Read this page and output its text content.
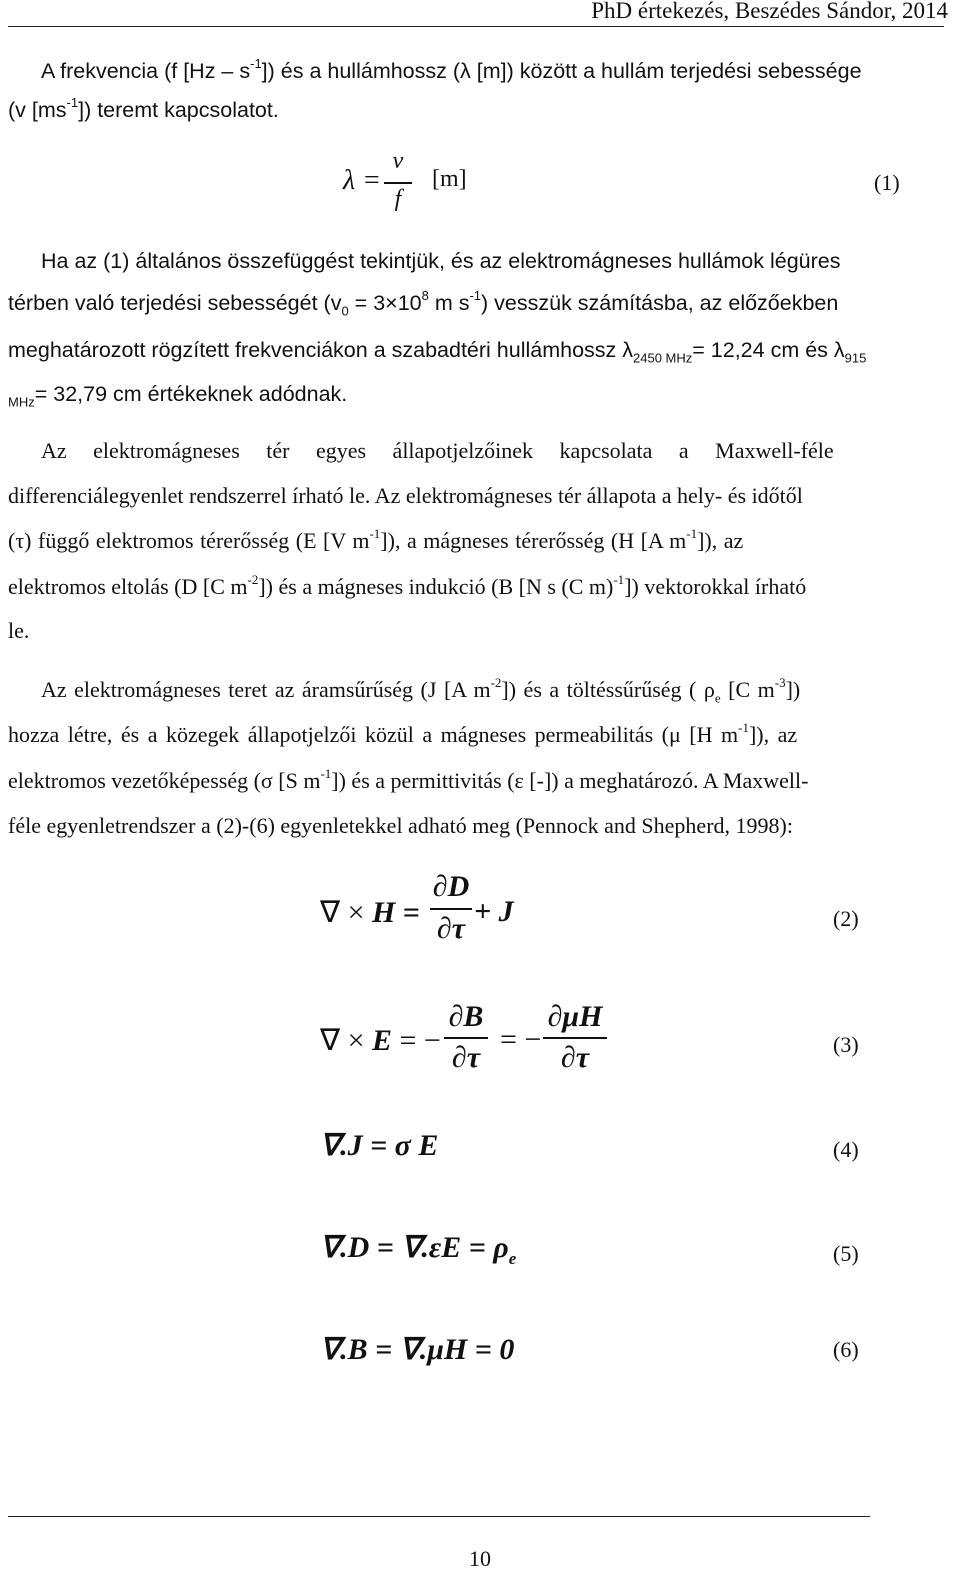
PhD értekezés, Beszédes Sándor, 2014
A frekvencia (f $[Hz - s^{-1}]$) és a hullámhossz (λ [m]) között a hullám terjedési sebessége
(v $[ms^{-1}]$) teremt kapcsolatot.
λ =
v
f
[m]	(1)
Ha az (1) általános összefüggést tekintjük, és az elektromágneses hullámok légüres
térben való terjedési sebességét ($v_0 = 3\times 10^8$ m $s^{-1}$) vesszük számításba, az előzőekben
meghatározott rögzített frekvenciákon a szabadtéri hullámhossz $\lambda_{2450 MHz}= 12,24$ cm és $\lambda_{915}$
$_{MHz}$= 32,79 cm értékeknek adódnak.
Az elektromágneses tér egyes állapotjelzőinek kapcsolata a Maxwell-féle
differenciálegyenlet rendszerrel írható le. Az elektromágneses tér állapota a hely- és időtől
(τ) függő elektromos térerősség (E [V $m^{-1}$]), a mágneses térerősség (H [A $m^{-1}$]), az
elektromos eltolás (D [C $m^{-2}$]) és a mágneses indukció (B [N s (C m)$^{-1}$]) vektorokkal írható
le.
Az elektromágneses teret az áramsűrűség (J [A $m^{-2}$]) és a töltéssűrűség ( $\rho_e$ [C $m^{-3}$])
hozza létre, és a közegek állapotjelzői közül a mágneses permeabilitás (μ [H $m^{-1}$]), az
elektromos vezetőképesség (σ [S $m^{-1}$]) és a permittivitás (ε [-]) a meghatározó. A Maxwell-
féle egyenletrendszer a (2)-(6) egyenletekkel adható meg (Pennock and Shepherd, 1998):
∇ × H =
∂D
∂τ
+ J	(2)
∇ × E = −
∂B
∂τ
= −
∂μH
∂τ	(3)
∇.J = σ E	(4)
$\nabla.D = \nabla.\varepsilon E = \rho_e$	(5)
∇.B = ∇.μH = 0	(6)
10
